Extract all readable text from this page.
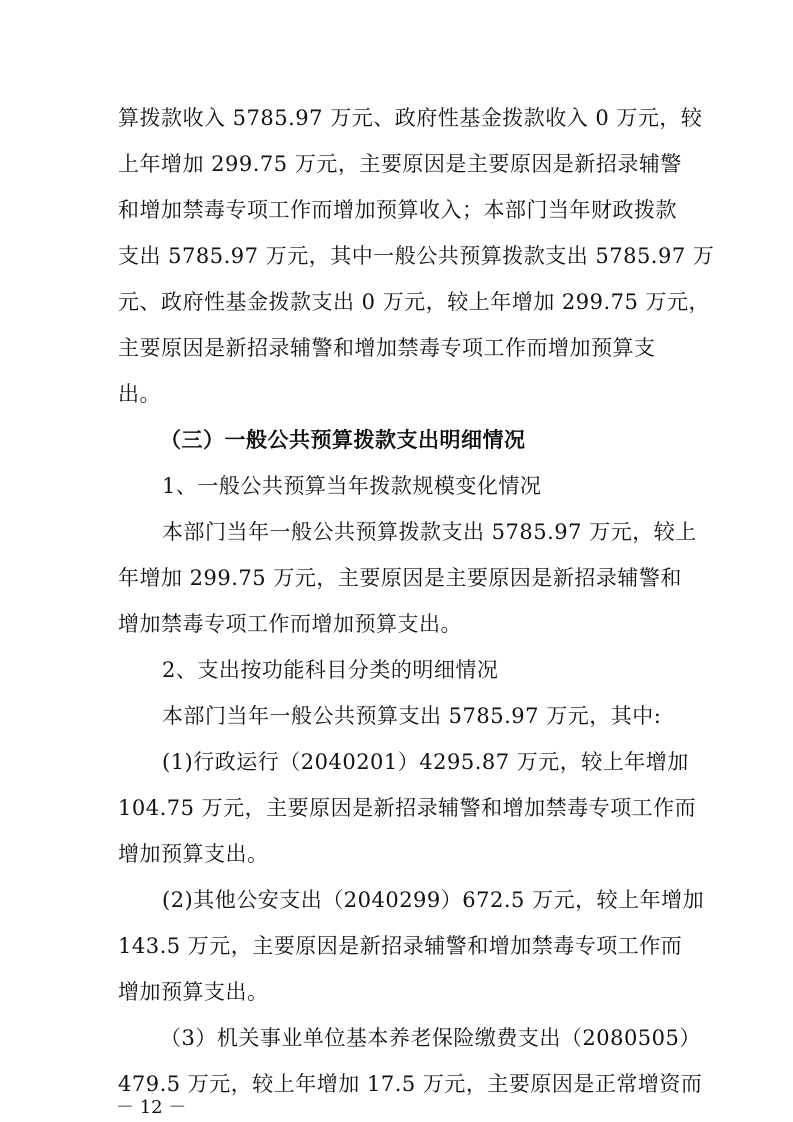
算拨款收入 5785.97 万元、政府性基金拨款收入 0 万元，较
上年增加 299.75 万元，主要原因是主要原因是新招录辅警
和增加禁毒专项工作而增加预算收入；本部门当年财政拨款
支出 5785.97 万元，其中一般公共预算拨款支出 5785.97 万
元、政府性基金拨款支出 0 万元，较上年增加 299.75 万元，
主要原因是新招录辅警和增加禁毒专项工作而增加预算支
出。
（三）一般公共预算拨款支出明细情况
1、一般公共预算当年拨款规模变化情况
本部门当年一般公共预算拨款支出 5785.97 万元，较上
年增加 299.75 万元，主要原因是主要原因是新招录辅警和
增加禁毒专项工作而增加预算支出。
2、支出按功能科目分类的明细情况
本部门当年一般公共预算支出 5785.97 万元，其中:
(1)行政运行（2040201）4295.87 万元，较上年增加
104.75 万元，主要原因是新招录辅警和增加禁毒专项工作而
增加预算支出。
(2)其他公安支出（2040299）672.5 万元，较上年增加
143.5 万元，主要原因是新招录辅警和增加禁毒专项工作而
增加预算支出。
（3）机关事业单位基本养老保险缴费支出（2080505）
479.5 万元，较上年增加 17.5 万元，主要原因是正常增资而
－ 12 －
